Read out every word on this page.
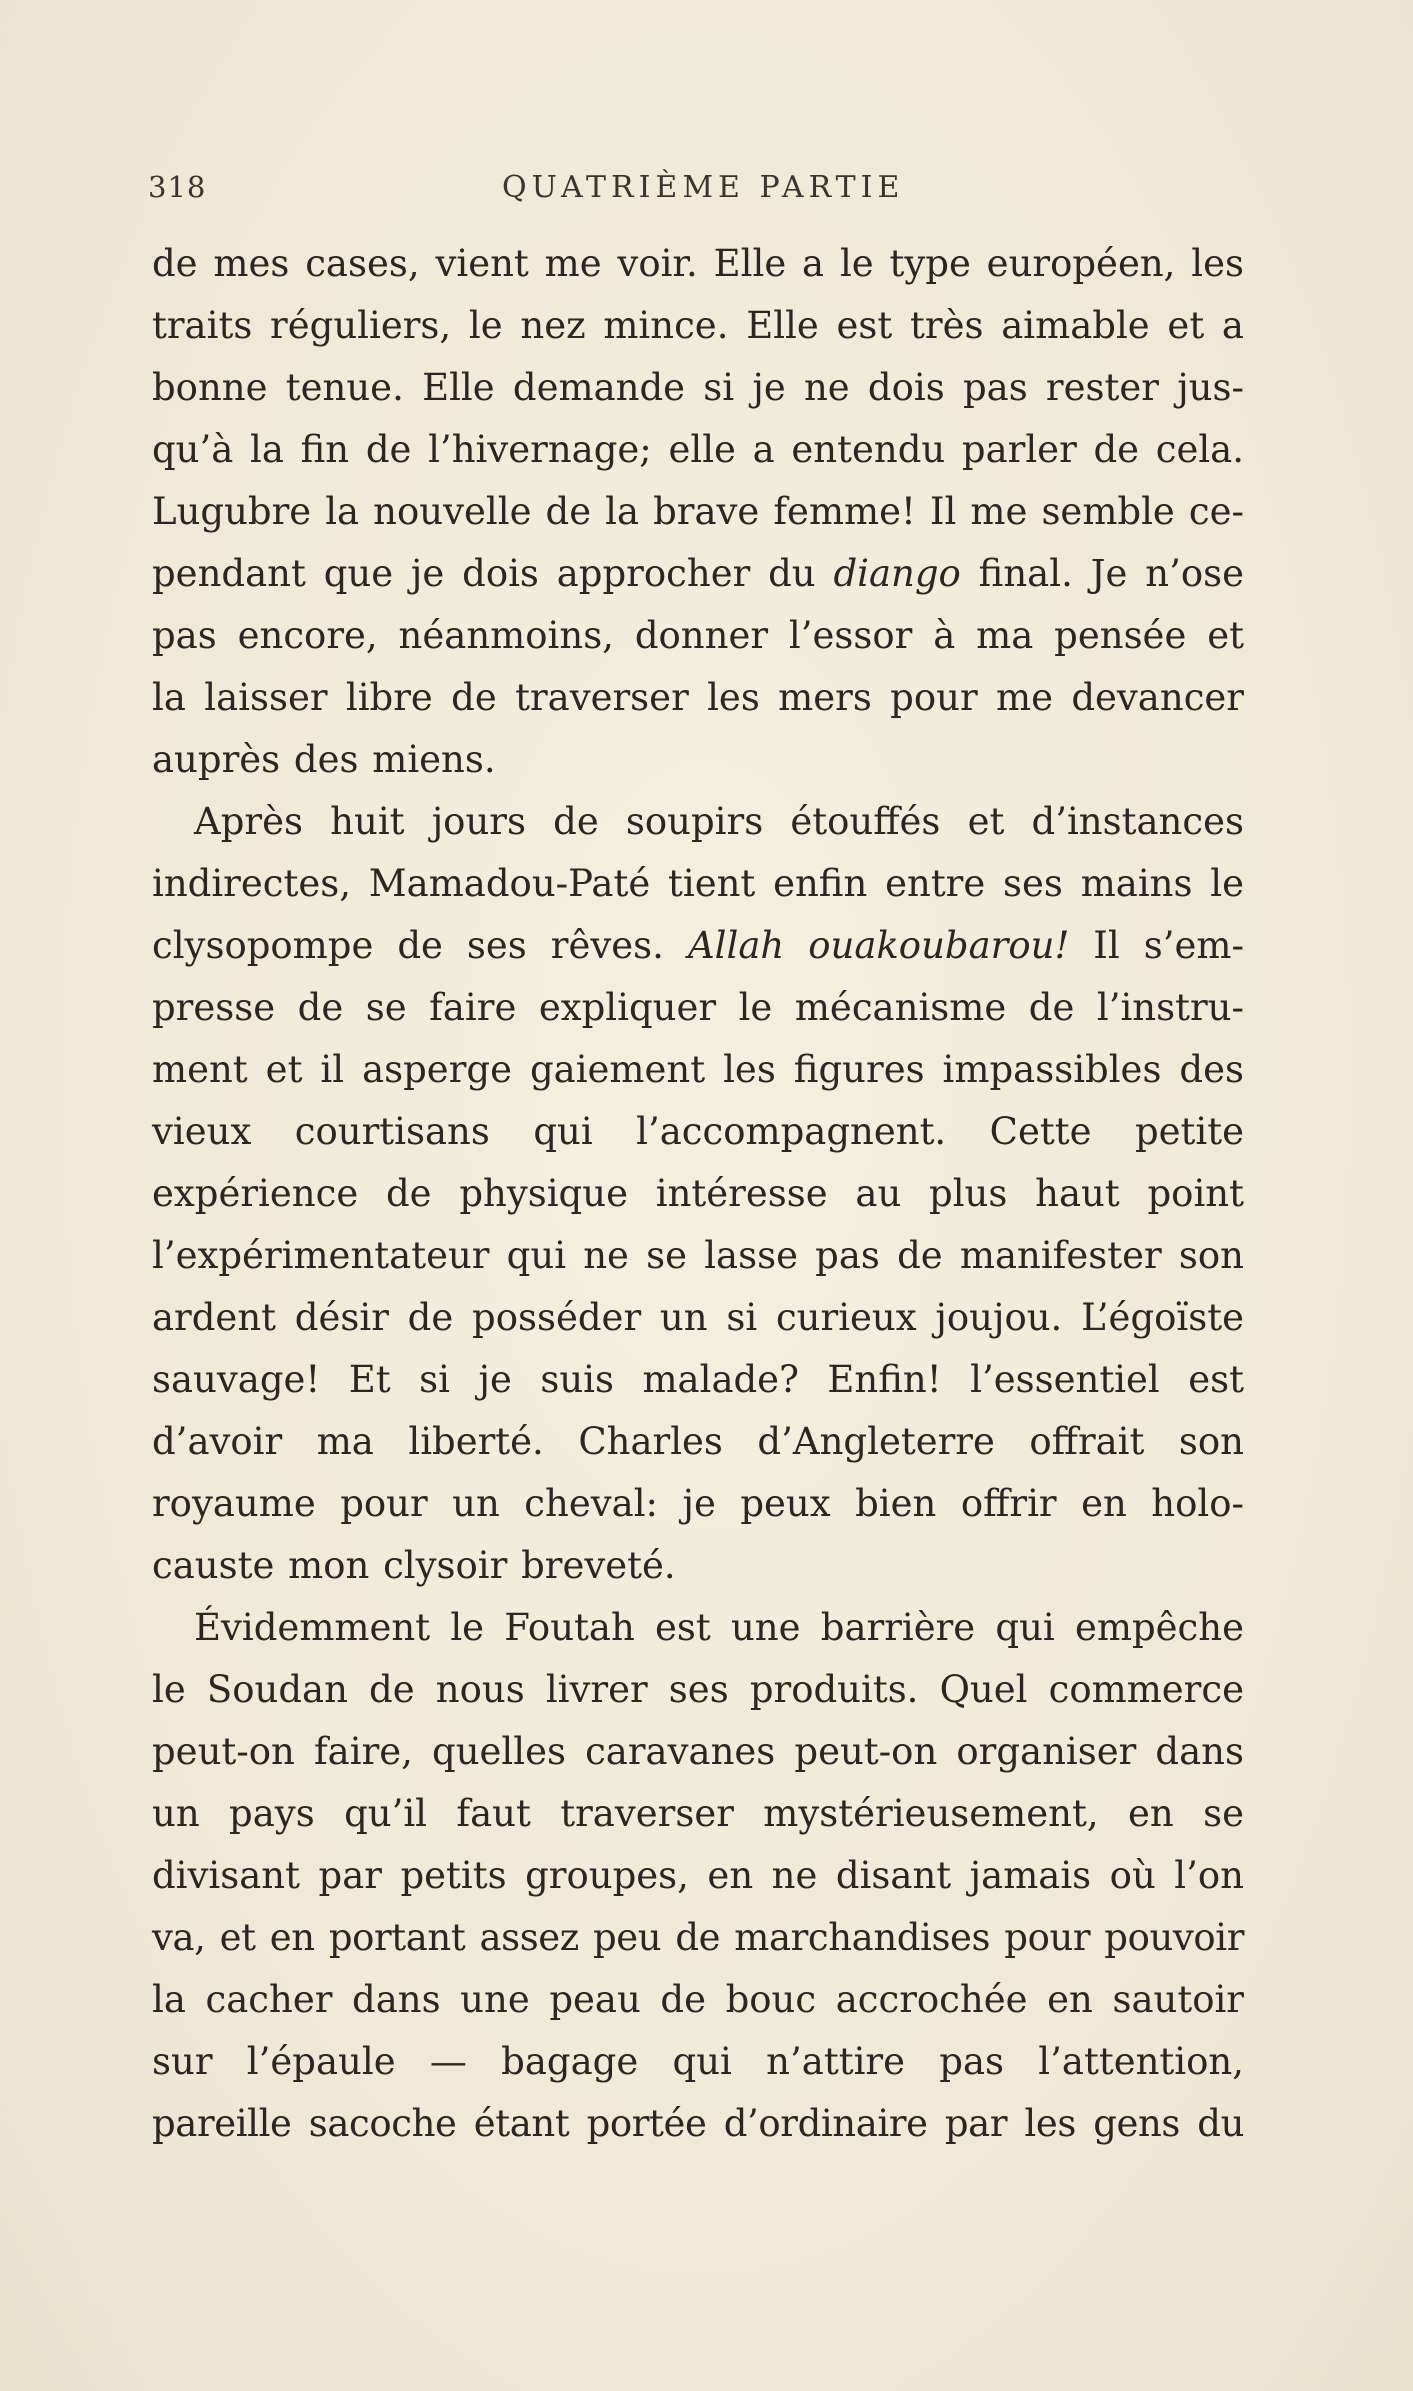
318	QUATRIÈME PARTIE
de mes cases, vient me voir. Elle a le type européen, les
traits réguliers, le nez mince. Elle est très aimable et a
bonne tenue. Elle demande si je ne dois pas rester jus-
qu’à la fin de l’hivernage; elle a entendu parler de cela.
Lugubre la nouvelle de la brave femme! Il me semble ce-
pendant que je dois approcher du diango final. Je n’ose
pas encore, néanmoins, donner l’essor à ma pensée et
la laisser libre de traverser les mers pour me devancer
auprès des miens.
Après huit jours de soupirs étouffés et d’instances
indirectes, Mamadou-Paté tient enfin entre ses mains le
clysopompe de ses rêves. Allah ouakoubarou! Il s’em-
presse de se faire expliquer le mécanisme de l’instru-
ment et il asperge gaiement les figures impassibles des
vieux courtisans qui l’accompagnent. Cette petite
expérience de physique intéresse au plus haut point
l’expérimentateur qui ne se lasse pas de manifester son
ardent désir de posséder un si curieux joujou. L’égoïste
sauvage! Et si je suis malade? Enfin! l’essentiel est
d’avoir ma liberté. Charles d’Angleterre offrait son
royaume pour un cheval: je peux bien offrir en holo-
causte mon clysoir breveté.
Évidemment le Foutah est une barrière qui empêche
le Soudan de nous livrer ses produits. Quel commerce
peut-on faire, quelles caravanes peut-on organiser dans
un pays qu’il faut traverser mystérieusement, en se
divisant par petits groupes, en ne disant jamais où l’on
va, et en portant assez peu de marchandises pour pouvoir
la cacher dans une peau de bouc accrochée en sautoir
sur l’épaule — bagage qui n’attire pas l’attention,
pareille sacoche étant portée d’ordinaire par les gens du
